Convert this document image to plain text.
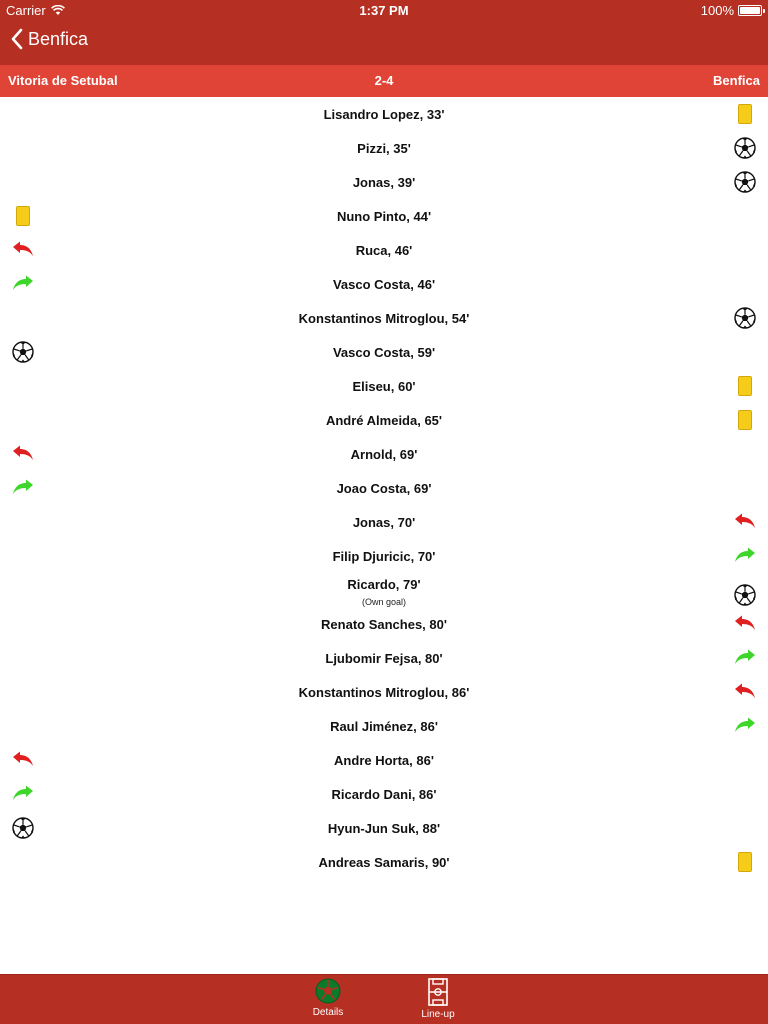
Carrier	1:37 PM	100%
Benfica
Vitoria de Setubal	2-4	Benfica
Lisandro Lopez, 33'
Pizzi, 35'
Jonas, 39'
Nuno Pinto, 44'
Ruca, 46'
Vasco Costa, 46'
Konstantinos Mitroglou, 54'
Vasco Costa, 59'
Eliseu, 60'
André Almeida, 65'
Arnold, 69'
Joao Costa, 69'
Jonas, 70'
Filip Djuricic, 70'
Ricardo, 79'
(Own goal)
Renato Sanches, 80'
Ljubomir Fejsa, 80'
Konstantinos Mitroglou, 86'
Raul Jiménez, 86'
Andre Horta, 86'
Ricardo Dani, 86'
Hyun-Jun Suk, 88'
Andreas Samaris, 90'
Details	Line-up
